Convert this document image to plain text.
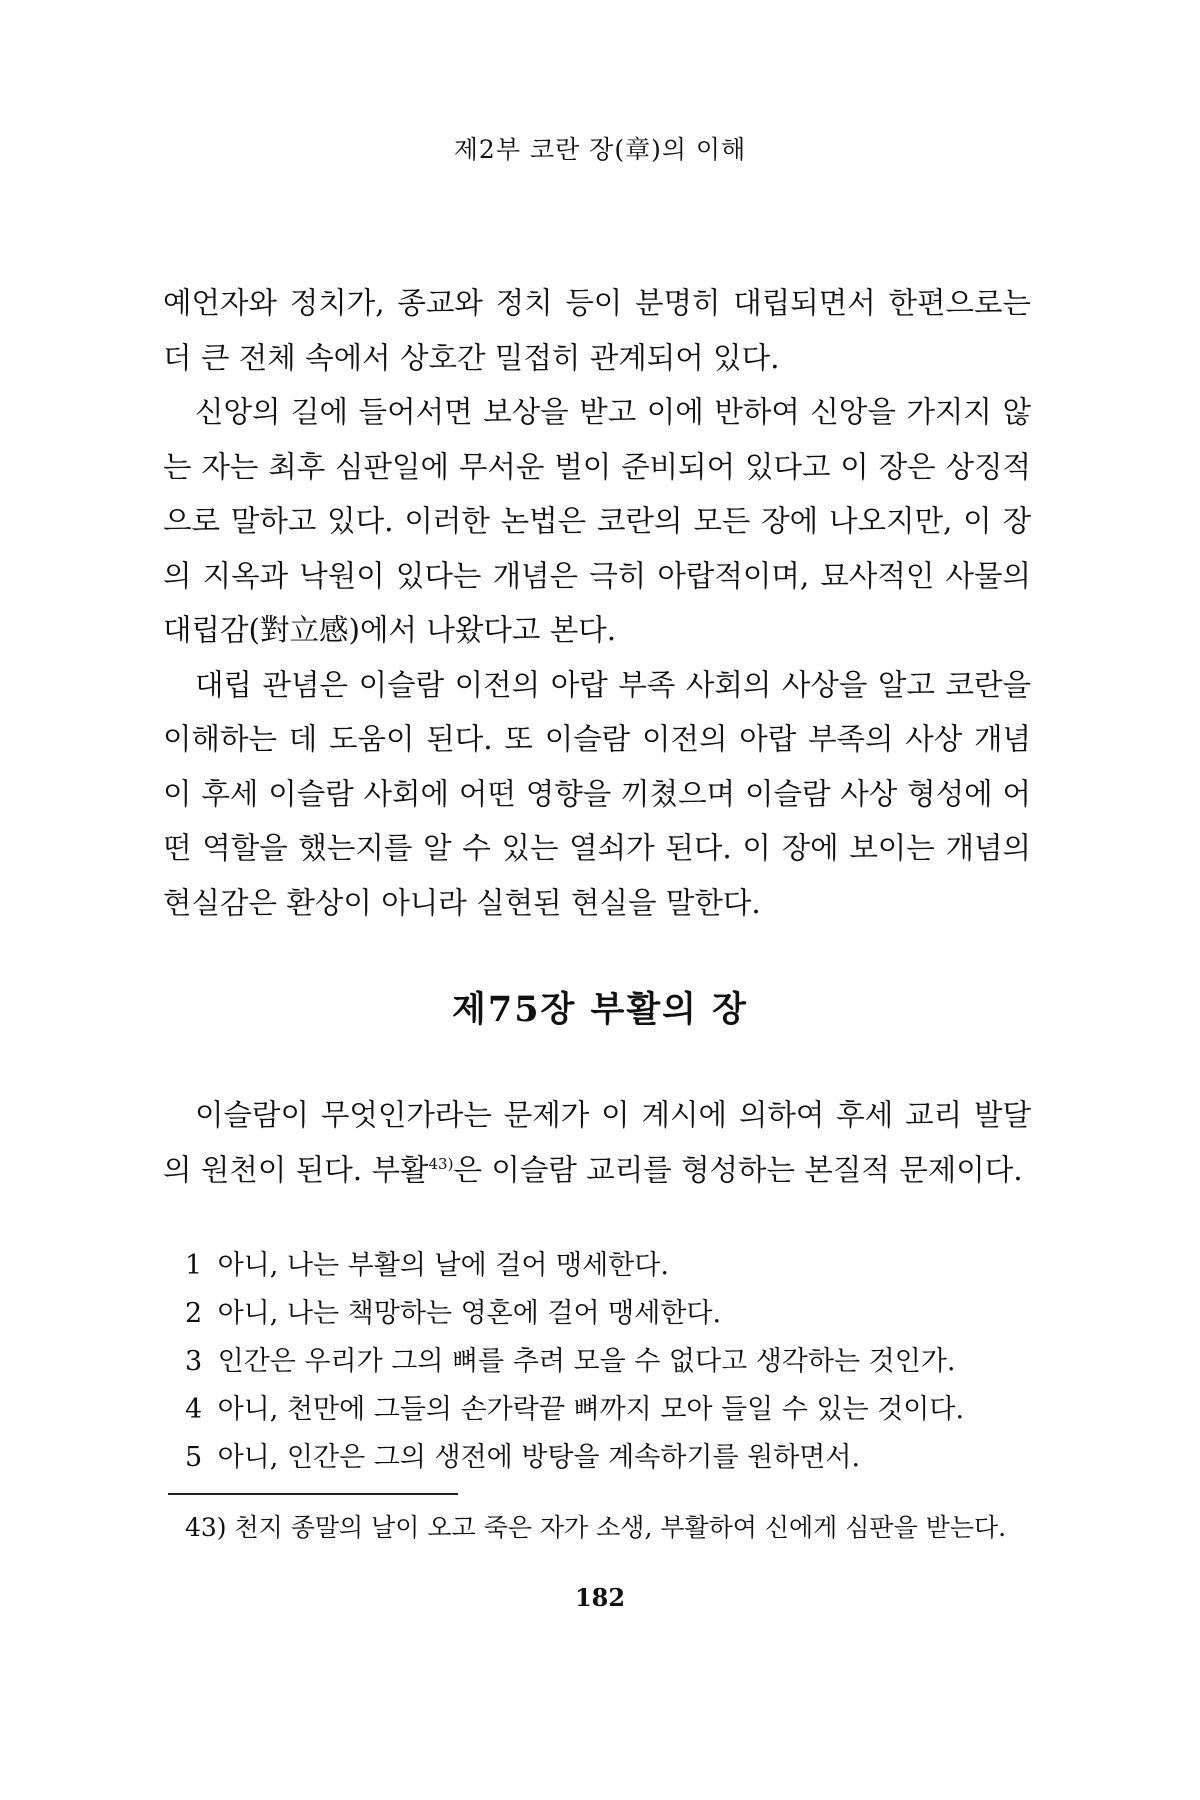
제2부 코란 장(章)의 이해

예언자와 정치가, 종교와 정치 등이 분명히 대립되면서 한편으로는 더 큰 전체 속에서 상호간 밀접히 관계되어 있다.

신앙의 길에 들어서면 보상을 받고 이에 반하여 신앙을 가지지 않는 자는 최후 심판일에 무서운 벌이 준비되어 있다고 이 장은 상징적으로 말하고 있다. 이러한 논법은 코란의 모든 장에 나오지만, 이 장의 지옥과 낙원이 있다는 개념은 극히 아랍적이며, 묘사적인 사물의 대립감(對立感)에서 나왔다고 본다.

대립 관념은 이슬람 이전의 아랍 부족 사회의 사상을 알고 코란을 이해하는 데 도움이 된다. 또 이슬람 이전의 아랍 부족의 사상 개념이 후세 이슬람 사회에 어떤 영향을 끼쳤으며 이슬람 사상 형성에 어떤 역할을 했는지를 알 수 있는 열쇠가 된다. 이 장에 보이는 개념의 현실감은 환상이 아니라 실현된 현실을 말한다.

제75장 부활의 장

이슬람이 무엇인가라는 문제가 이 계시에 의하여 후세 교리 발달의 원천이 된다. 부활$^{43)}$은 이슬람 교리를 형성하는 본질적 문제이다.

1 아니, 나는 부활의 날에 걸어 맹세한다.
2 아니, 나는 책망하는 영혼에 걸어 맹세한다.
3 인간은 우리가 그의 뼈를 추려 모을 수 없다고 생각하는 것인가.
4 아니, 천만에 그들의 손가락끝 뼈까지 모아 들일 수 있는 것이다.
5 아니, 인간은 그의 생전에 방탕을 계속하기를 원하면서.
43) 천지 종말의 날이 오고 죽은 자가 소생, 부활하여 신에게 심판을 받는다.
182
